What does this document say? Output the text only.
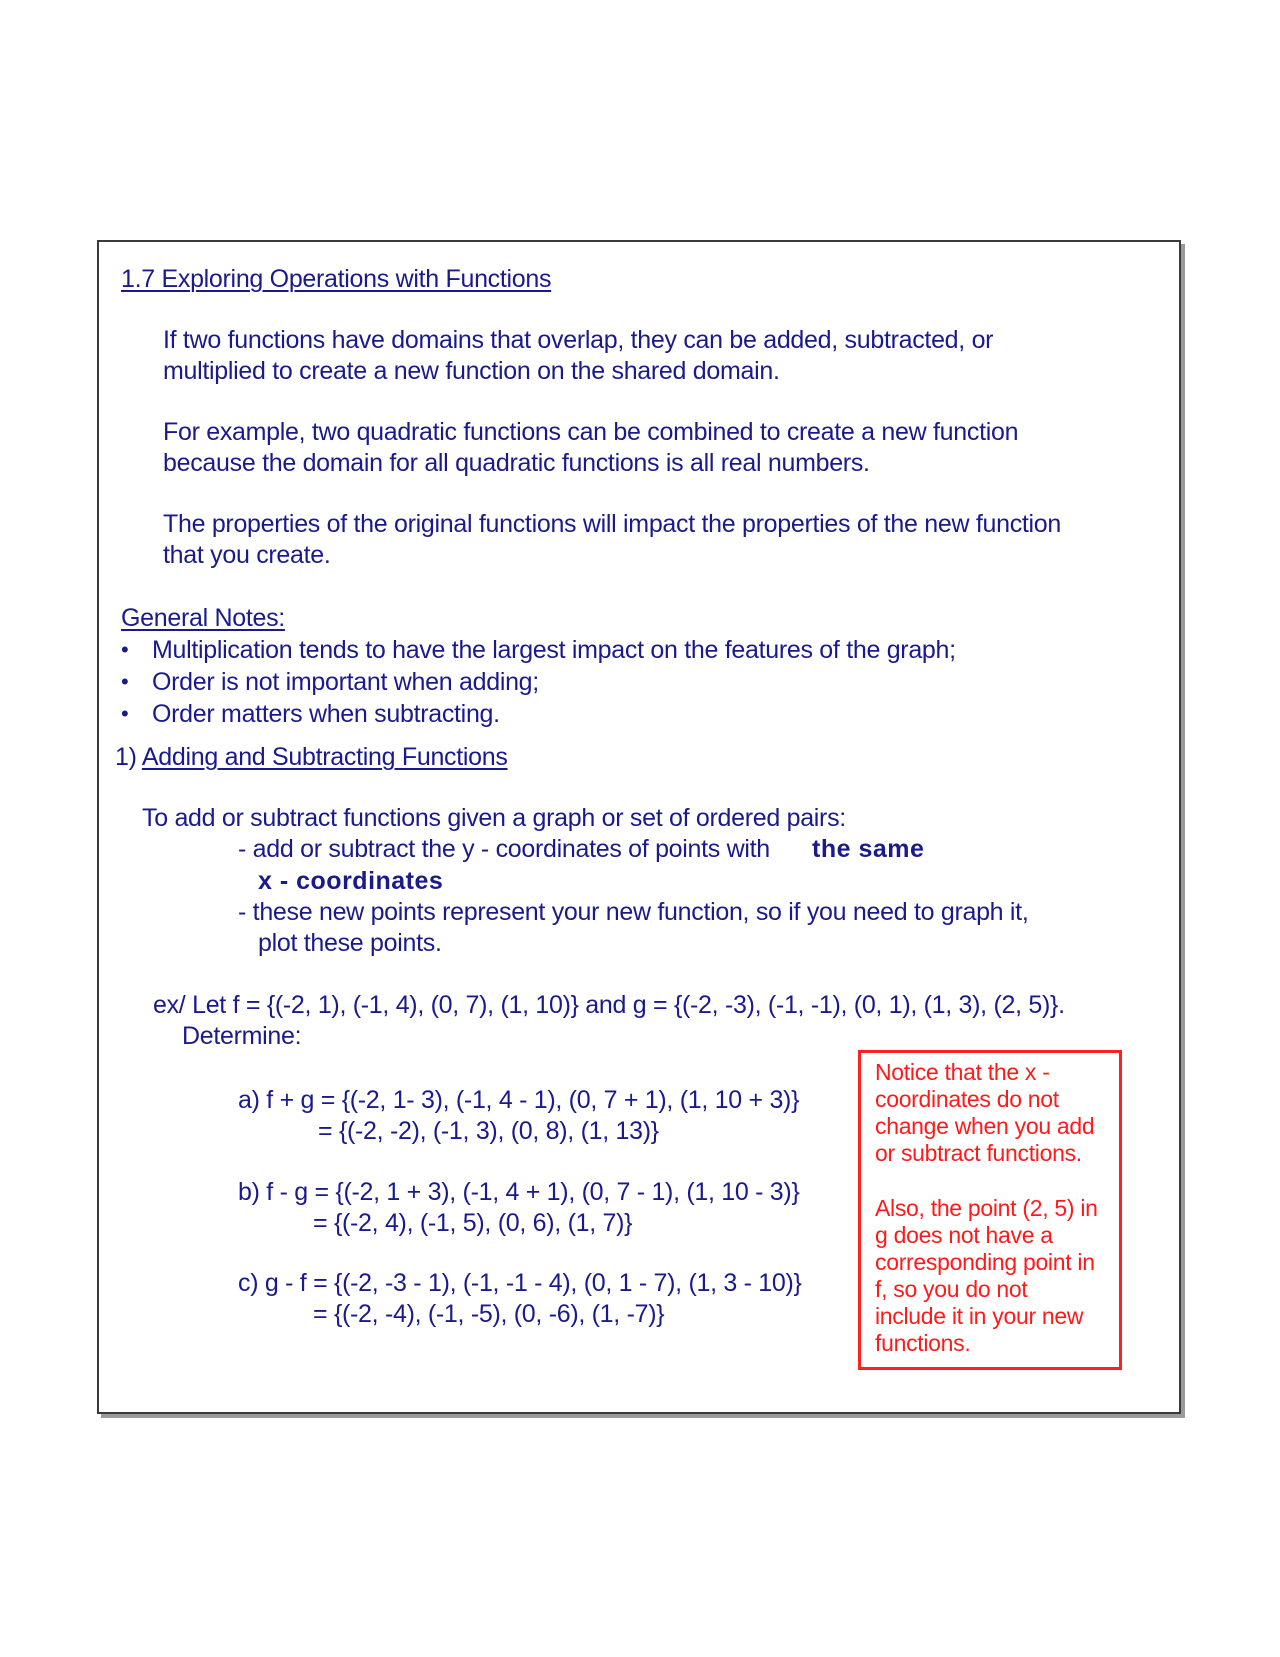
1.7 Exploring Operations with Functions
If two functions have domains that overlap, they can be added, subtracted, or
multiplied to create a new function on the shared domain.
For example, two quadratic functions can be combined to create a new function
because the domain for all quadratic functions is all real numbers.
The properties of the original functions will impact the properties of the new function
that you create.
General Notes:
• Multiplication tends to have the largest impact on the features of the graph;
• Order is not important when adding;
• Order matters when subtracting.
1) Adding and Subtracting Functions
To add or subtract functions given a graph or set of ordered pairs:
- add or subtract the y - coordinates of points with the same
x - coordinates
- these new points represent your new function, so if you need to graph it,
plot these points.
ex/ Let f = {(-2, 1), (-1, 4), (0, 7), (1, 10)} and g = {(-2, -3), (-1, -1), (0, 1), (1, 3), (2, 5)}.
Determine:
a) f + g = {(-2, 1- 3), (-1, 4 - 1), (0, 7 + 1), (1, 10 + 3)}
= {(-2, -2), (-1, 3), (0, 8), (1, 13)}
b) f - g = {(-2, 1 + 3), (-1, 4 + 1), (0, 7 - 1), (1, 10 - 3)}
= {(-2, 4), (-1, 5), (0, 6), (1, 7)}
c) g - f = {(-2, -3 - 1), (-1, -1 - 4), (0, 1 - 7), (1, 3 - 10)}
= {(-2, -4), (-1, -5), (0, -6), (1, -7)}
Notice that the x -
coordinates do not
change when you add
or subtract functions.
Also, the point (2, 5) in
g does not have a
corresponding point in
f, so you do not
include it in your new
functions.
